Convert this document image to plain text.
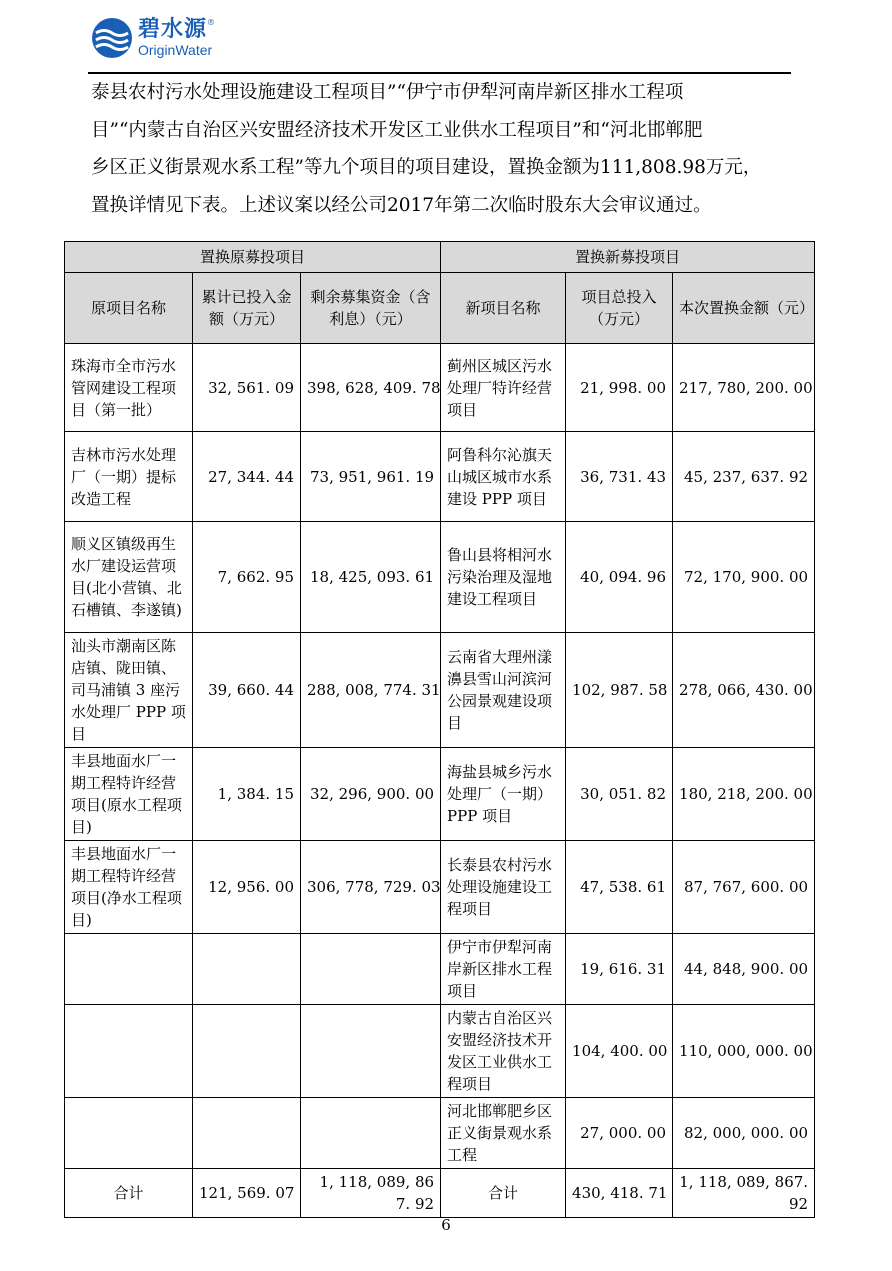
碧水源®
OriginWater

泰县农村污水处理设施建设工程项目”“伊宁市伊犁河南岸新区排水工程项

目”“内蒙古自治区兴安盟经济技术开发区工业供水工程项目”和“河北邯郸肥

乡区正义街景观水系工程”等九个项目的项目建设，置换金额为111,808.98万元，

置换详情见下表。上述议案以经公司2017年第二次临时股东大会审议通过。

置换原募投项目			置换新募投项目		
原项目名称	累计已投入金额（万元）	剩余募集资金（含利息）（元）	新项目名称	项目总投入（万元）	本次置换金额（元）
珠海市全市污水管网建设工程项目（第一批）	32, 561. 09	398, 628, 409. 78	蓟州区城区污水处理厂特许经营项目	21, 998. 00	217, 780, 200. 00
吉林市污水处理厂（一期）提标改造工程	27, 344. 44	73, 951, 961. 19	阿鲁科尔沁旗天山城区城市水系建设 PPP 项目	36, 731. 43	45, 237, 637. 92
顺义区镇级再生水厂建设运营项目(北小营镇、北石槽镇、李遂镇)	7, 662. 95	18, 425, 093. 61	鲁山县将相河水污染治理及湿地建设工程项目	40, 094. 96	72, 170, 900. 00
汕头市潮南区陈店镇、陇田镇、司马浦镇 3 座污水处理厂 PPP 项目	39, 660. 44	288, 008, 774. 31	云南省大理州漾濞县雪山河滨河公园景观建设项目	102, 987. 58	278, 066, 430. 00
丰县地面水厂一期工程特许经营项目(原水工程项目)	1, 384. 15	32, 296, 900. 00	海盐县城乡污水处理厂（一期）PPP 项目	30, 051. 82	180, 218, 200. 00
丰县地面水厂一期工程特许经营项目(净水工程项目)	12, 956. 00	306, 778, 729. 03	长泰县农村污水处理设施建设工程项目	47, 538. 61	87, 767, 600. 00
			伊宁市伊犁河南岸新区排水工程项目	19, 616. 31	44, 848, 900. 00
			内蒙古自治区兴安盟经济技术开发区工业供水工程项目	104, 400. 00	110, 000, 000. 00
			河北邯郸肥乡区正义街景观水系工程	27, 000. 00	82, 000, 000. 00
合计	121, 569. 07	1, 118, 089, 867. 92	合计	430, 418. 71	1, 118, 089, 867. 92
6
